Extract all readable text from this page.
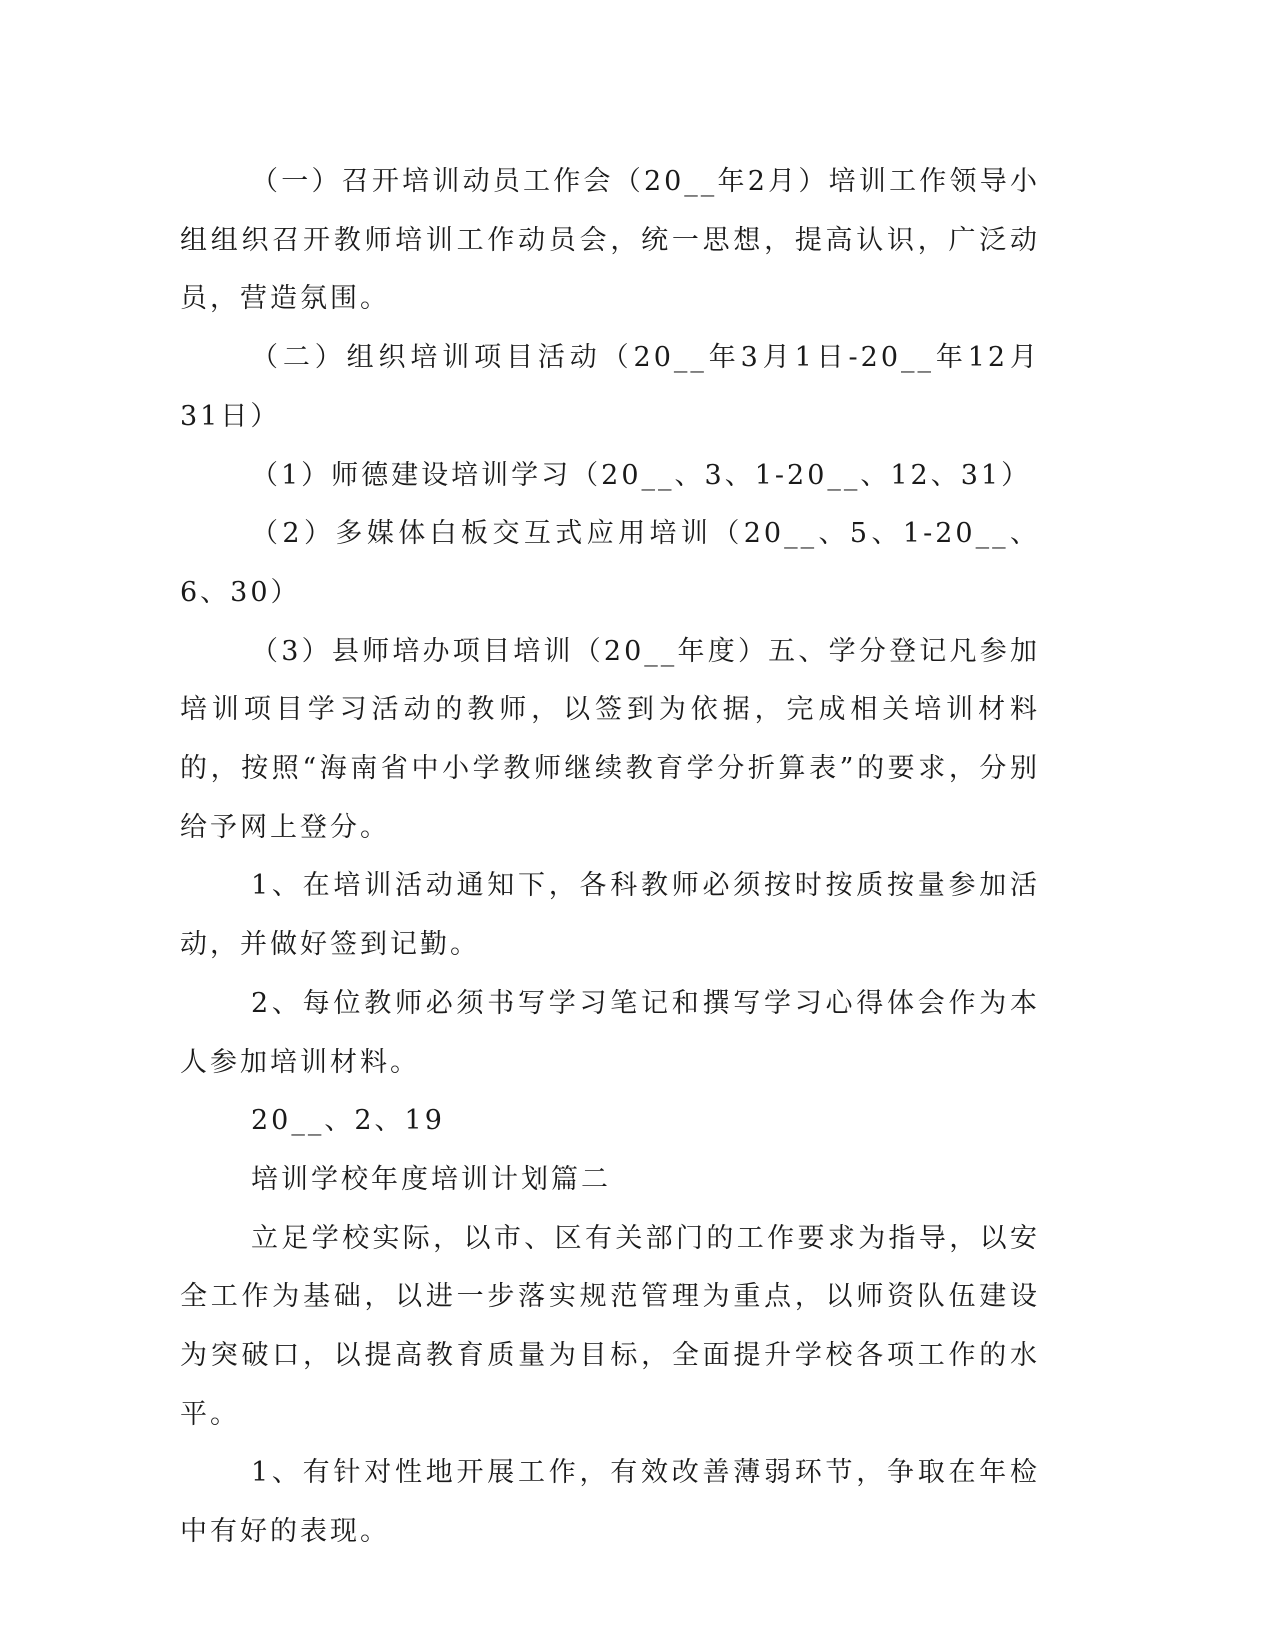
（一）召开培训动员工作会（20__年2月）培训工作领导小组组织召开教师培训工作动员会，统一思想，提高认识，广泛动员，营造氛围。

（二）组织培训项目活动（20__年3月1日-20__年12月31日）

（1）师德建设培训学习（20__、3、1-20__、12、31）

（2）多媒体白板交互式应用培训（20__、5、1-20__、6、30）

（3）县师培办项目培训（20__年度）五、学分登记凡参加培训项目学习活动的教师，以签到为依据，完成相关培训材料的，按照“海南省中小学教师继续教育学分折算表”的要求，分别给予网上登分。

1、在培训活动通知下，各科教师必须按时按质按量参加活动，并做好签到记勤。

2、每位教师必须书写学习笔记和撰写学习心得体会作为本人参加培训材料。

20__、2、19

培训学校年度培训计划篇二

立足学校实际，以市、区有关部门的工作要求为指导，以安全工作为基础，以进一步落实规范管理为重点，以师资队伍建设为突破口，以提高教育质量为目标，全面提升学校各项工作的水平。

1、有针对性地开展工作，有效改善薄弱环节，争取在年检中有好的表现。
